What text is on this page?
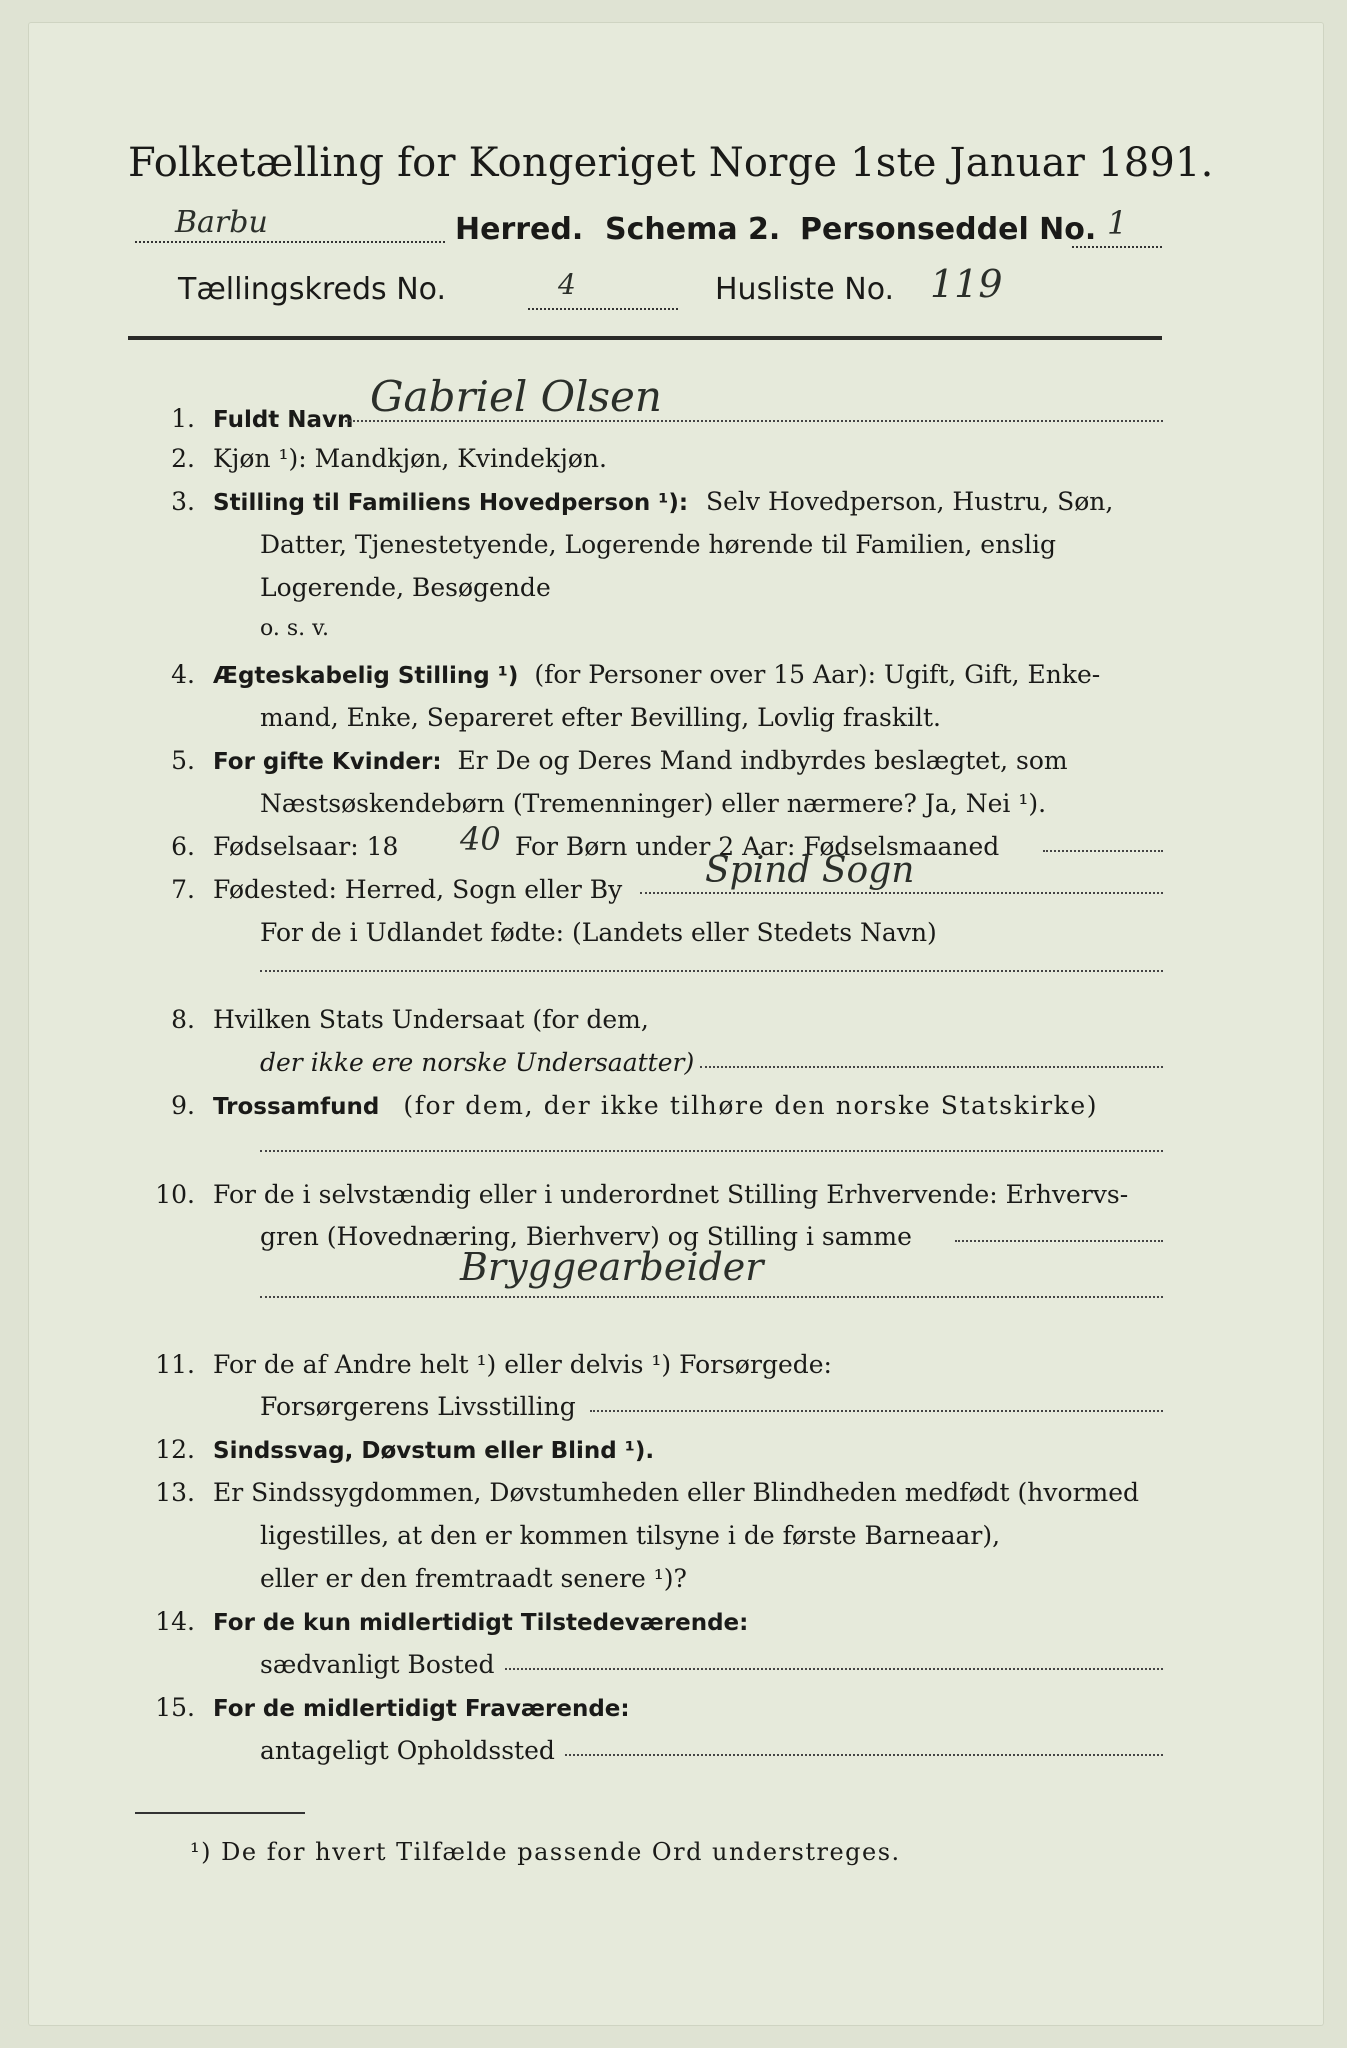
Folketælling for Kongeriget Norge 1ste Januar 1891.
Barbu	Herred. Schema 2. Personseddel No. 1
Tællingskreds No.	4	Husliste No. 119
1. Fuldt Navn Gabriel Olsen
2. Kjøn ¹): Mandkjøn, Kvindekjøn.
3. Stilling til Familiens Hovedperson ¹): Selv Hovedperson, Hustru, Søn,
Datter, Tjenestetyende, Logerende hørende til Familien, enslig
Logerende, Besøgende
o. s. v.
4. Ægteskabelig Stilling ¹) (for Personer over 15 Aar): Ugift, Gift, Enke-
mand, Enke, Separeret efter Bevilling, Lovlig fraskilt.
5. For gifte Kvinder: Er De og Deres Mand indbyrdes beslægtet, som
Næstsøskendebørn (Tremenninger) eller nærmere? Ja, Nei ¹).
6. Fødselsaar: 18 40 For Børn under 2 Aar: Fødselsmaaned
7. Fødested: Herred, Sogn eller By Spind Sogn
For de i Udlandet fødte: (Landets eller Stedets Navn)
8. Hvilken Stats Undersaat (for dem,
der ikke ere norske Undersaatter)
9. Trossamfund (for dem, der ikke tilhøre den norske Statskirke)
10. For de i selvstændig eller i underordnet Stilling Erhvervende: Erhvervs-
gren (Hovednæring, Bierhverv) og Stilling i samme
Bryggearbeider
11. For de af Andre helt ¹) eller delvis ¹) Forsørgede:
Forsørgerens Livsstilling
12. Sindssvag, Døvstum eller Blind ¹).
13. Er Sindssygdommen, Døvstumheden eller Blindheden medfødt (hvormed
ligestilles, at den er kommen tilsyne i de første Barneaar),
eller er den fremtraadt senere ¹)?
14. For de kun midlertidigt Tilstedeværende:
sædvanligt Bosted
15. For de midlertidigt Fraværende:
antageligt Opholdssted
¹) De for hvert Tilfælde passende Ord understreges.
